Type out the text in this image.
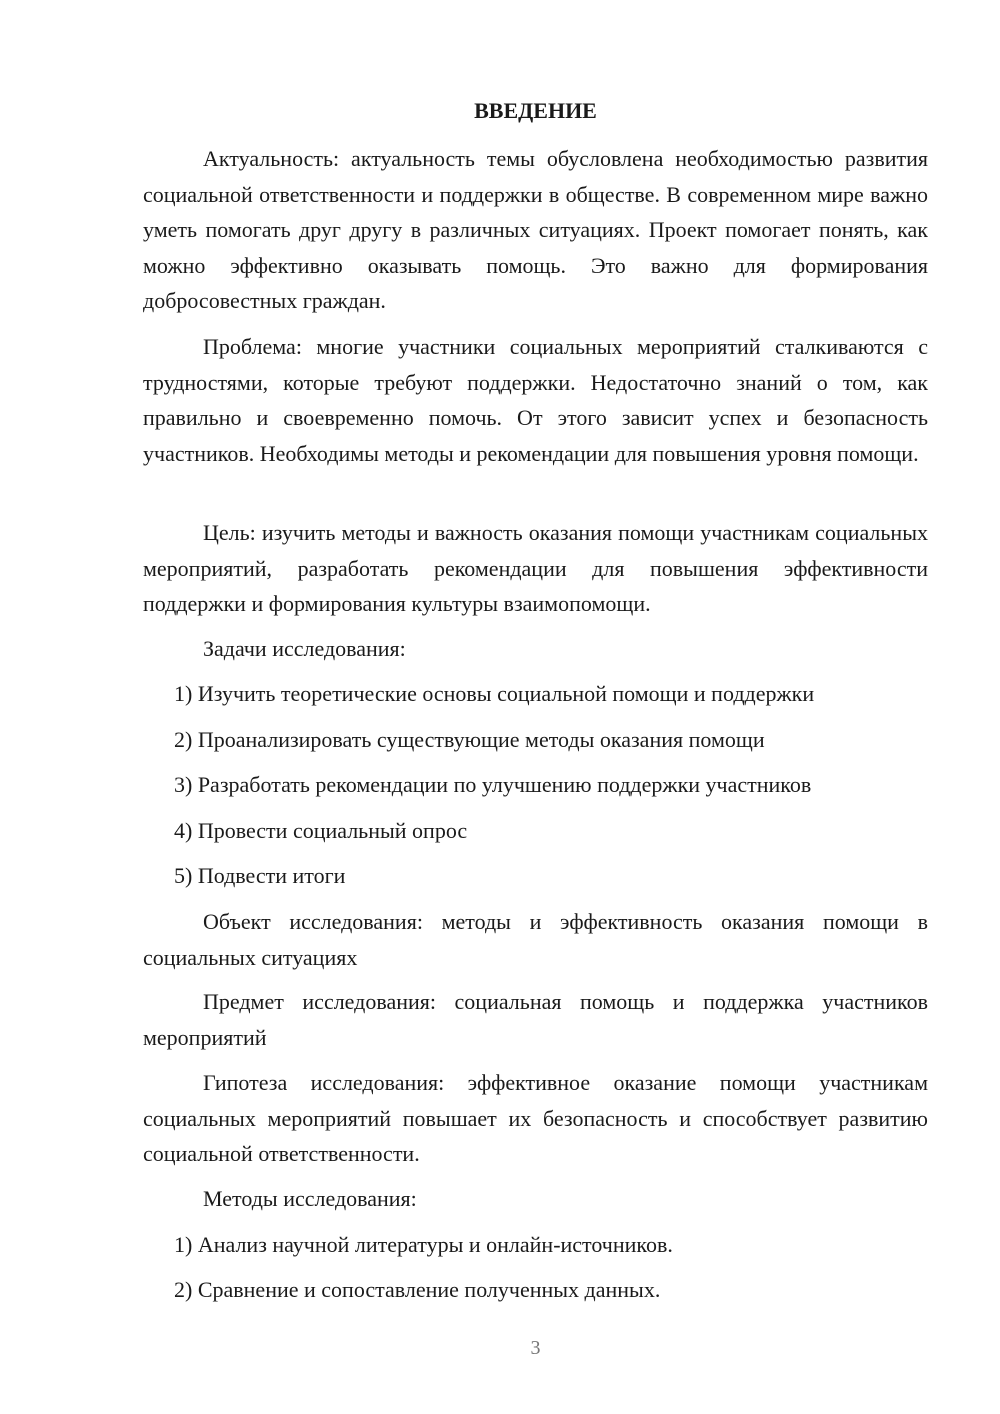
ВВЕДЕНИЕ

Актуальность: актуальность темы обусловлена необходимостью развития социальной ответственности и поддержки в обществе. В современном мире важно уметь помогать друг другу в различных ситуациях. Проект помогает понять, как можно эффективно оказывать помощь. Это важно для формирования добросовестных граждан.

Проблема: многие участники социальных мероприятий сталкиваются с трудностями, которые требуют поддержки. Недостаточно знаний о том, как правильно и своевременно помочь. От этого зависит успех и безопасность участников. Необходимы методы и рекомендации для повышения уровня помощи.

Цель: изучить методы и важность оказания помощи участникам социальных мероприятий, разработать рекомендации для повышения эффективности поддержки и формирования культуры взаимопомощи.

Задачи исследования:
1) Изучить теоретические основы социальной помощи и поддержки
2) Проанализировать существующие методы оказания помощи
3) Разработать рекомендации по улучшению поддержки участников
4) Провести социальный опрос
5) Подвести итоги

Объект исследования: методы и эффективность оказания помощи в социальных ситуациях

Предмет исследования: социальная помощь и поддержка участников мероприятий

Гипотеза исследования: эффективное оказание помощи участникам социальных мероприятий повышает их безопасность и способствует развитию социальной ответственности.

Методы исследования:
1) Анализ научной литературы и онлайн-источников.
2) Сравнение и сопоставление полученных данных.
3
